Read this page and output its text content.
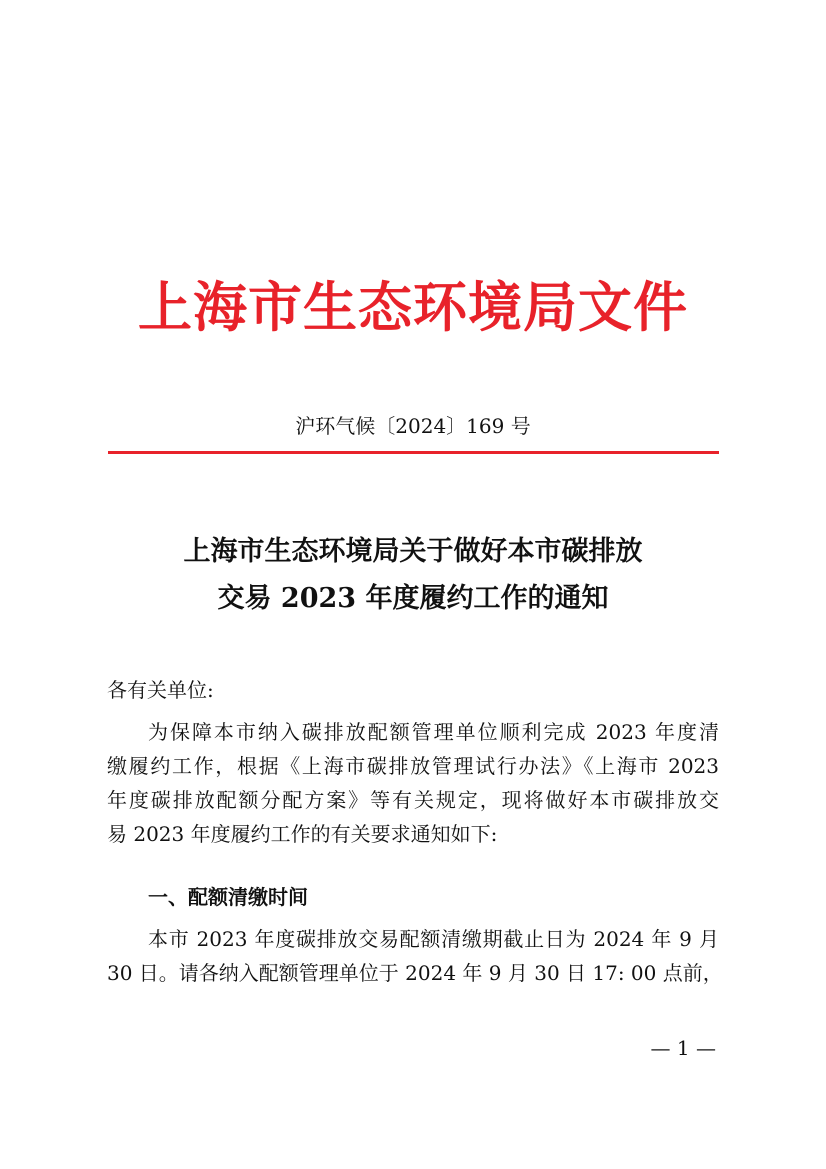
上海市生态环境局文件
沪环气候〔2024〕169 号
上海市生态环境局关于做好本市碳排放
交易 2023 年度履约工作的通知
各有关单位:
为保障本市纳入碳排放配额管理单位顺利完成 2023 年度清
缴履约工作，根据《上海市碳排放管理试行办法》《上海市 2023
年度碳排放配额分配方案》等有关规定，现将做好本市碳排放交
易 2023 年度履约工作的有关要求通知如下:
一、配额清缴时间
本市 2023 年度碳排放交易配额清缴期截止日为 2024 年 9 月
30 日。请各纳入配额管理单位于 2024 年 9 月 30 日 17: 00 点前，
— 1 —
